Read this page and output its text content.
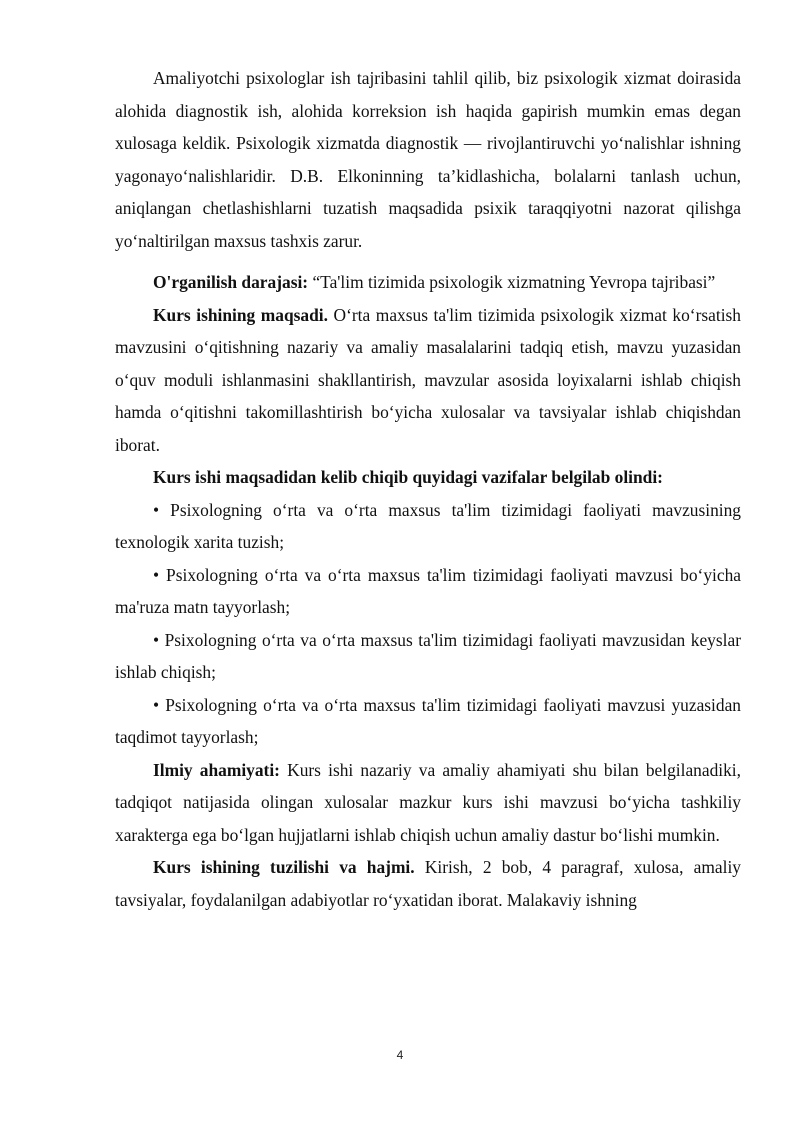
Amaliyotchi psixologlar ish tajribasini tahlil qilib, biz psixologik xizmat doirasida alohida diagnostik ish, alohida korreksion ish haqida gapirish mumkin emas degan xulosaga keldik. Psixologik xizmatda diagnostik — rivojlantiruvchi yo‘nalishlar ishning yagonayo‘nalishlaridir. D.B. Elkoninning ta’kidlashicha, bolalarni tanlash uchun, aniqlangan chetlashishlarni tuzatish maqsadida psixik taraqqiyotni nazorat qilishga yo‘naltirilgan maxsus tashxis zarur.

O'rganilish darajasi: “Ta'lim tizimida psixologik xizmatning Yevropa tajribasi”

Kurs ishining maqsadi. O‘rta maxsus ta'lim tizimida psixologik xizmat ko‘rsatish mavzusini o‘qitishning nazariy va amaliy masalalarini tadqiq etish, mavzu yuzasidan o‘quv moduli ishlanmasini shakllantirish, mavzular asosida loyixalarni ishlab chiqish hamda o‘qitishni takomillashtirish bo‘yicha xulosalar va tavsiyalar ishlab chiqishdan iborat.

Kurs ishi maqsadidan kelib chiqib quyidagi vazifalar belgilab olindi:

• Psixologning o‘rta va o‘rta maxsus ta'lim tizimidagi faoliyati mavzusining texnologik xarita tuzish;

• Psixologning o‘rta va o‘rta maxsus ta'lim tizimidagi faoliyati mavzusi bo‘yicha ma'ruza matn tayyorlash;

• Psixologning o‘rta va o‘rta maxsus ta'lim tizimidagi faoliyati mavzusidan keyslar ishlab chiqish;

• Psixologning o‘rta va o‘rta maxsus ta'lim tizimidagi faoliyati mavzusi yuzasidan taqdimot tayyorlash;

Ilmiy ahamiyati: Kurs ishi nazariy va amaliy ahamiyati shu bilan belgilanadiki, tadqiqot natijasida olingan xulosalar mazkur kurs ishi mavzusi bo‘yicha tashkiliy xarakterga ega bo‘lgan hujjatlarni ishlab chiqish uchun amaliy dastur bo‘lishi mumkin.

Kurs ishining tuzilishi va hajmi. Kirish, 2 bob, 4 paragraf, xulosa, amaliy tavsiyalar, foydalanilgan adabiyotlar ro‘yxatidan iborat. Malakaviy ishning

4
